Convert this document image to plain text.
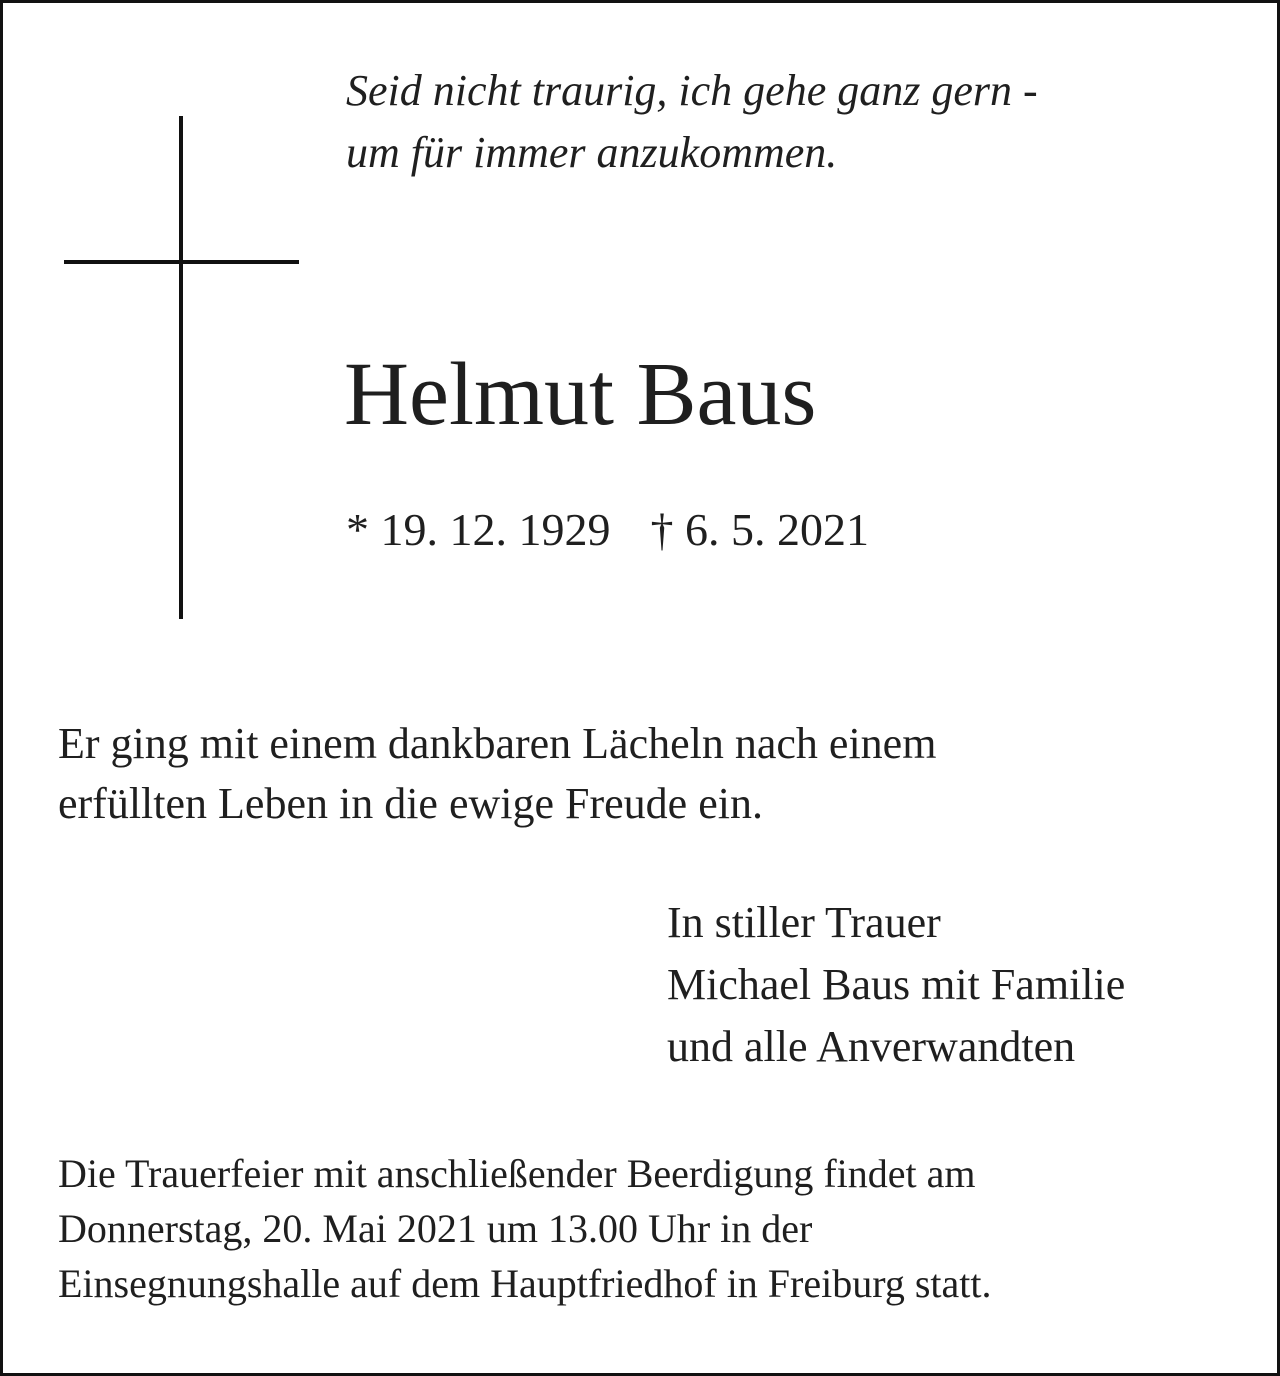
Seid nicht traurig, ich gehe ganz gern -
um für immer anzukommen.

Helmut Baus
* 19. 12. 1929 † 6. 5. 2021

Er ging mit einem dankbaren Lächeln nach einem
erfüllten Leben in die ewige Freude ein.

In stiller Trauer
Michael Baus mit Familie
und alle Anverwandten

Die Trauerfeier mit anschließender Beerdigung findet am
Donnerstag, 20. Mai 2021 um 13.00 Uhr in der
Einsegnungshalle auf dem Hauptfriedhof in Freiburg statt.
